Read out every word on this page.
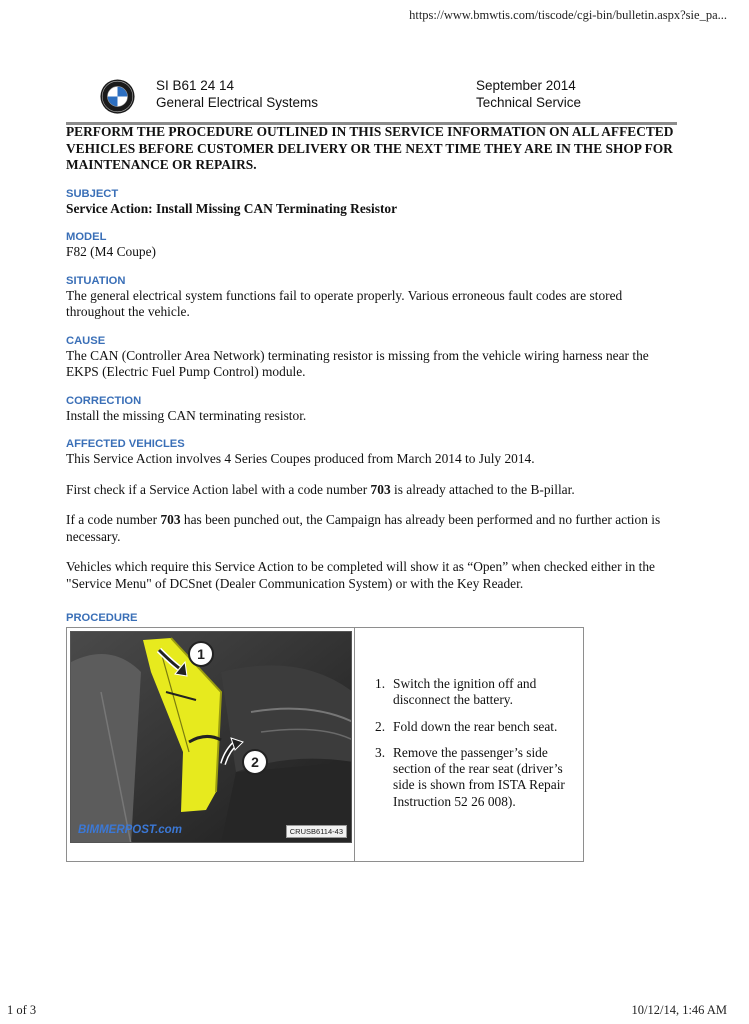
https://www.bmwtis.com/tiscode/cgi-bin/bulletin.aspx?sie_pa...
SI B61 24 14
General Electrical Systems
September 2014
Technical Service
PERFORM THE PROCEDURE OUTLINED IN THIS SERVICE INFORMATION ON ALL AFFECTED VEHICLES BEFORE CUSTOMER DELIVERY OR THE NEXT TIME THEY ARE IN THE SHOP FOR MAINTENANCE OR REPAIRS.
SUBJECT
Service Action: Install Missing CAN Terminating Resistor
MODEL
F82 (M4 Coupe)
SITUATION
The general electrical system functions fail to operate properly. Various erroneous fault codes are stored throughout the vehicle.
CAUSE
The CAN (Controller Area Network) terminating resistor is missing from the vehicle wiring harness near the EKPS (Electric Fuel Pump Control) module.
CORRECTION
Install the missing CAN terminating resistor.
AFFECTED VEHICLES
This Service Action involves 4 Series Coupes produced from March 2014 to July 2014.
First check if a Service Action label with a code number 703 is already attached to the B-pillar.
If a code number 703 has been punched out, the Campaign has already been performed and no further action is necessary.
Vehicles which require this Service Action to be completed will show it as “Open” when checked either in the "Service Menu" of DCSnet (Dealer Communication System) or with the Key Reader.
PROCEDURE
1
2
BIMMERPOST.com	CRUSB6114-43
1. Switch the ignition off and disconnect the battery.
2. Fold down the rear bench seat.
3. Remove the passenger’s side section of the rear seat (driver’s side is shown from ISTA Repair Instruction 52 26 008).
1 of 3	10/12/14, 1:46 AM
